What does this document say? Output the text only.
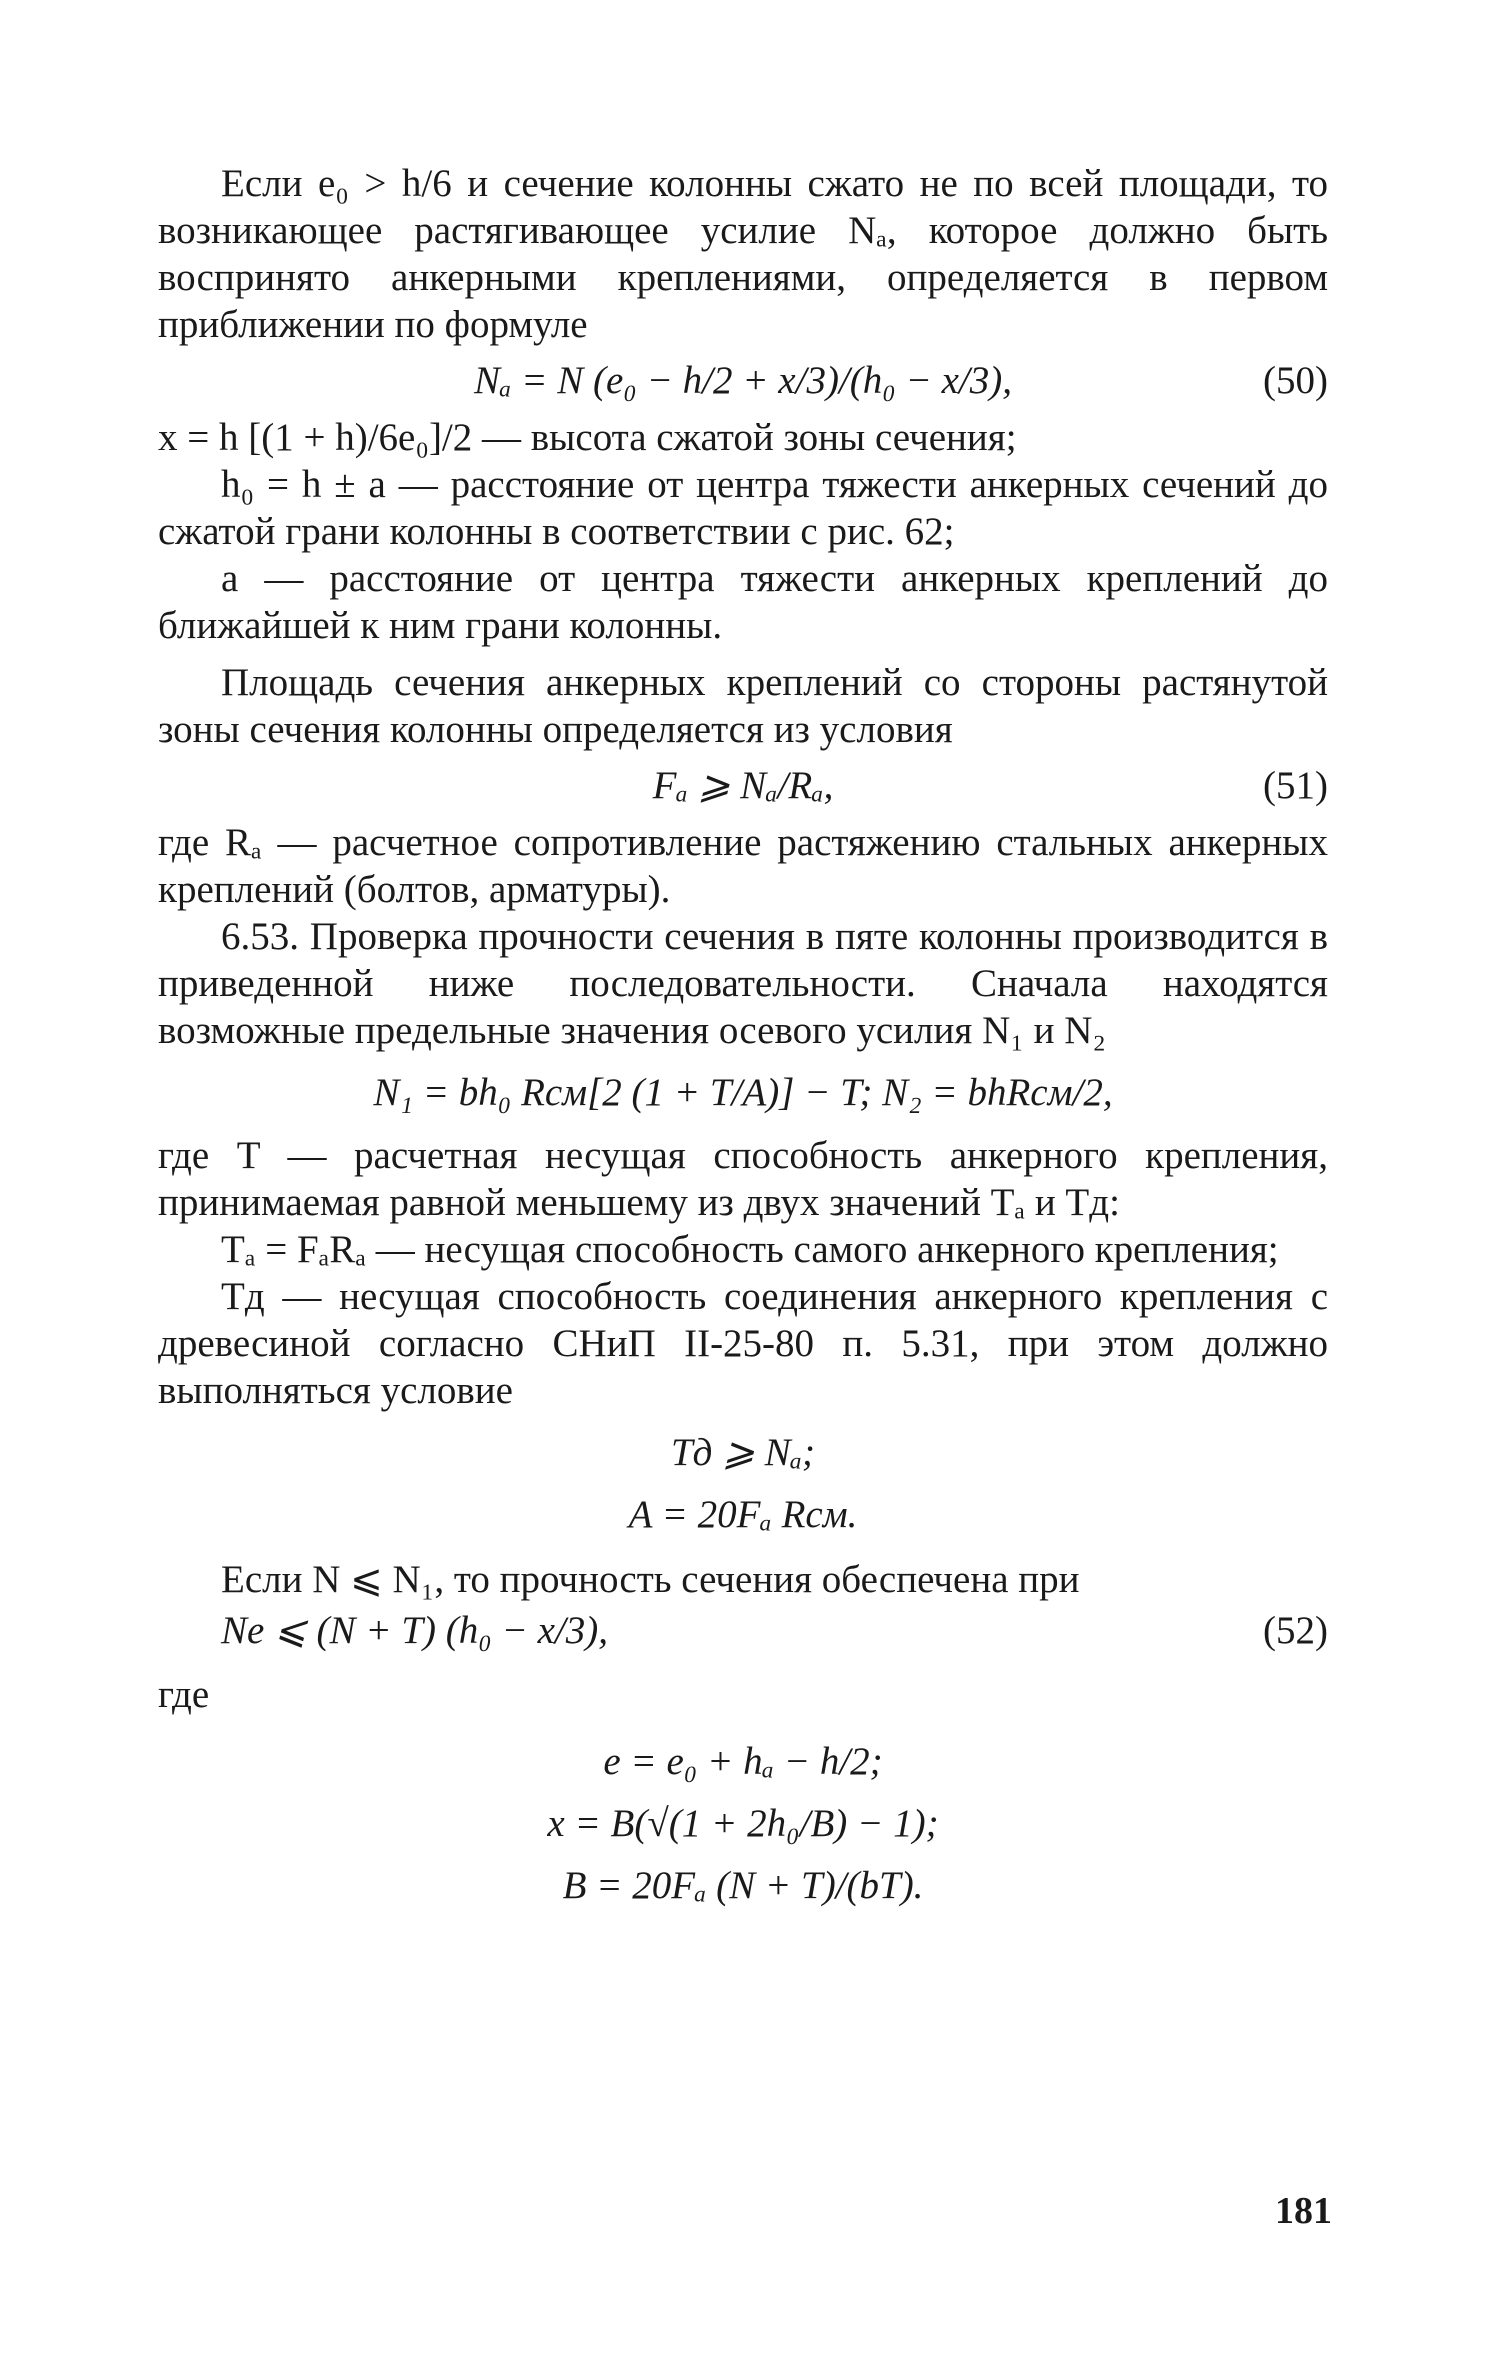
Если e₀ > h/6 и сечение колонны сжато не по всей площади, то возникающее растягивающее усилие Nₐ, которое должно быть воспринято анкерными креплениями, определяется в первом приближении по формуле

Nₐ = N (e₀ − h/2 + x/3)/(h₀ − x/3),	(50)

x = h [(1 + h)/6e₀]/2 — высота сжатой зоны сечения;

h₀ = h ± a — расстояние от центра тяжести анкерных сечений до сжатой грани колонны в соответствии с рис. 62;

a — расстояние от центра тяжести анкерных креплений до ближайшей к ним грани колонны.

Площадь сечения анкерных креплений со стороны растянутой зоны сечения колонны определяется из условия

Fₐ ⩾ Nₐ/Rₐ,	(51)

где Rₐ — расчетное сопротивление растяжению стальных анкерных креплений (болтов, арматуры).

6.53. Проверка прочности сечения в пяте колонны производится в приведенной ниже последовательности. Сначала находятся возможные предельные значения осевого усилия N₁ и N₂

N₁ = bh₀ Rсм[2 (1 + T/A)] − T; N₂ = bhRсм/2,

где T — расчетная несущая способность анкерного крепления, принимаемая равной меньшему из двух значений Tₐ и Tд:

Tₐ = FₐRₐ — несущая способность самого анкерного крепления;

Tд — несущая способность соединения анкерного крепления с древесиной согласно СНиП II-25-80 п. 5.31, при этом должно выполняться условие

Tд ⩾ Nₐ;
A = 20Fₐ Rсм.

Если N ⩽ N₁, то прочность сечения обеспечена при

Ne ⩽ (N + T) (h₀ − x/3),	(52)

где

e = e₀ + hₐ − h/2;
x = B(√(1 + 2h₀/B) − 1);
B = 20Fₐ (N + T)/(bT).
181
